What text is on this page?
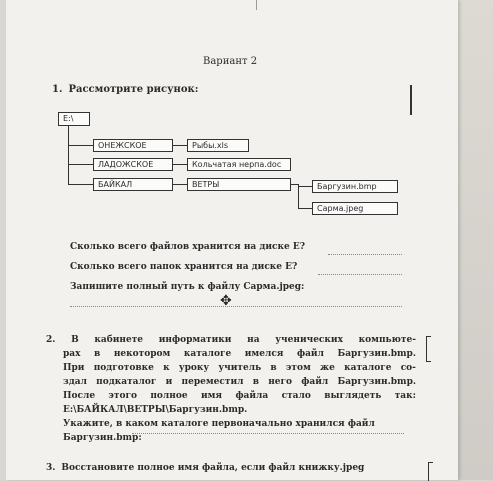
Вариант 2
1. Рассмотрите рисунок:
E:\
ОНЕЖСКОЕ
ЛАДОЖСКОЕ
БАЙКАЛ
Рыбы.xls
Кольчатая нерпа.doc
ВЕТРЫ	Баргузин.bmp
Сарма.jpeg
Сколько всего файлов хранится на диске E?
Сколько всего папок хранится на диске E?
Запишите полный путь к файлу Сарма.jpeg:
✥
2. В кабинете информатики на ученических компьюте-
рах в некотором каталоге имелся файл Баргузин.bmp.
При подготовке к уроку учитель в этом же каталоге со-
здал подкаталог и переместил в него файл Баргузин.bmp.
После этого полное имя файла стало выглядеть так:
E:\БАЙКАЛ\ВЕТРЫ\Баргузин.bmp.
Укажите, в каком каталоге первоначально хранился файл
Баргузин.bmp:
3. Восстановите полное имя файла, если файл книжку.jpeg
